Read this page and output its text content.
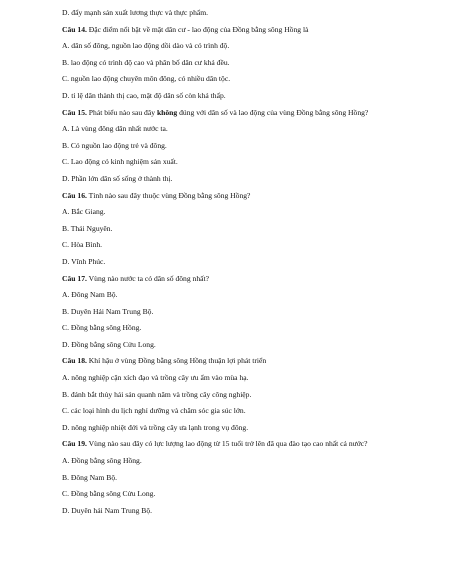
D. đẩy mạnh sản xuất lương thực và thực phẩm.
Câu 14. Đặc điểm nổi bật về mặt dân cư - lao động của Đồng bằng sông Hồng là
A. dân số đông, nguồn lao động dồi dào và có trình độ.
B. lao động có trình độ cao và phân bố dân cư khá đều.
C. nguồn lao động chuyên môn đông, có nhiều dân tộc.
D. tỉ lệ dân thành thị cao, mật độ dân số còn khá thấp.
Câu 15. Phát biểu nào sau đây không đúng với dân số và lao động của vùng Đồng bằng sông Hồng?
A. Là vùng đông dân nhất nước ta.
B. Có nguồn lao động trẻ và đông.
C. Lao động có kinh nghiệm sản xuất.
D. Phần lớn dân số sống ở thành thị.
Câu 16. Tỉnh nào sau đây thuộc vùng Đồng bằng sông Hồng?
A. Bắc Giang.
B. Thái Nguyên.
C. Hòa Bình.
D. Vĩnh Phúc.
Câu 17. Vùng nào nước ta có dân số đông nhất?
A. Đông Nam Bộ.
B. Duyên Hải Nam Trung Bộ.
C. Đồng bằng sông Hồng.
D. Đồng bằng sông Cửu Long.
Câu 18. Khí hậu ở vùng Đồng bằng sông Hồng thuận lợi phát triển
A. nông nghiệp cận xích đạo và trồng cây ưu ẩm vào mùa hạ.
B. đánh bắt thủy hải sản quanh năm và trồng cây công nghiệp.
C. các loại hình du lịch nghỉ dưỡng và chăm sóc gia súc lớn.
D. nông nghiệp nhiệt đới và trồng cây ưa lạnh trong vụ đông.
Câu 19. Vùng nào sau đây có lực lượng lao động từ 15 tuổi trở lên đã qua đào tạo cao nhất cả nước?
A. Đồng bằng sông Hồng.
B. Đông Nam Bộ.
C. Đồng bằng sông Cửu Long.
D. Duyên hải Nam Trung Bộ.
